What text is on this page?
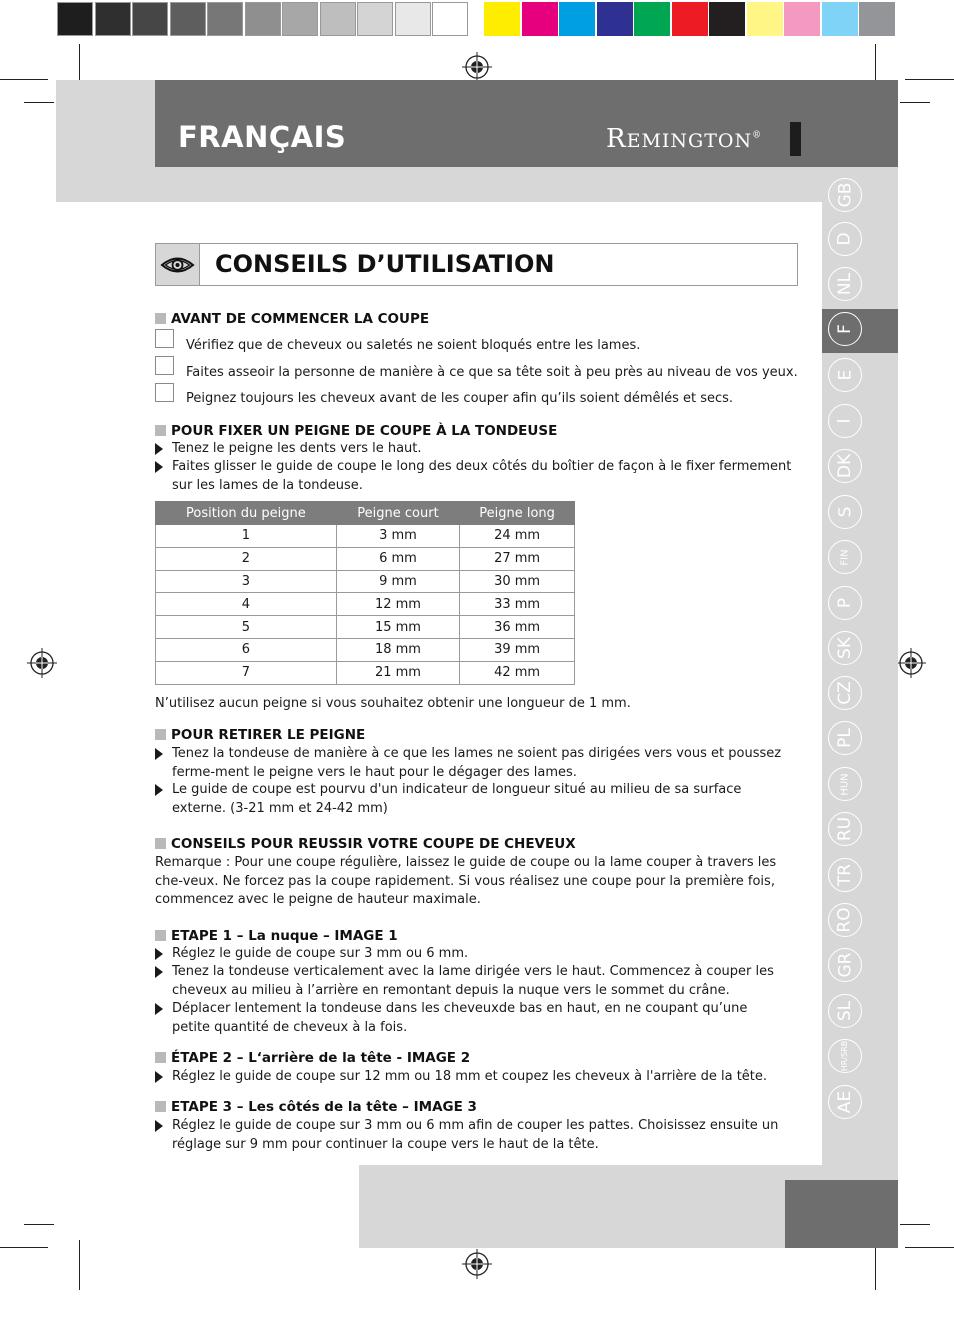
FRANÇAIS	REMINGTON®
GB
D
NL
F
E
I
DK
S
FIN
P
SK
CZ
PL
HUN
RU
TR
RO
GR
SL
HR/SRB
AE
CONSEILS D’UTILISATION
AVANT DE COMMENCER LA COUPE
Vérifiez que de cheveux ou saletés ne soient bloqués entre les lames.
Faites asseoir la personne de manière à ce que sa tête soit à peu près au niveau de vos yeux.
Peignez toujours les cheveux avant de les couper afin qu’ils soient démêlés et secs.
POUR FIXER UN PEIGNE DE COUPE À LA TONDEUSE
Tenez le peigne les dents vers le haut.
Faites glisser le guide de coupe le long des deux côtés du boîtier de façon à le fixer fermement sur les lames de la tondeuse.
Position du peigne	Peigne court	Peigne long
1	3 mm	24 mm
2	6 mm	27 mm
3	9 mm	30 mm
4	12 mm	33 mm
5	15 mm	36 mm
6	18 mm	39 mm
7	21 mm	42 mm
N’utilisez aucun peigne si vous souhaitez obtenir une longueur de 1 mm.
POUR RETIRER LE PEIGNE
Tenez la tondeuse de manière à ce que les lames ne soient pas dirigées vers vous et poussez ferme-ment le peigne vers le haut pour le dégager des lames.
Le guide de coupe est pourvu d'un indicateur de longueur situé au milieu de sa surface externe. (3-21 mm et 24-42 mm)
CONSEILS POUR REUSSIR VOTRE COUPE DE CHEVEUX
Remarque : Pour une coupe régulière, laissez le guide de coupe ou la lame couper à travers les che-veux. Ne forcez pas la coupe rapidement. Si vous réalisez une coupe pour la première fois, commencez avec le peigne de hauteur maximale.
ETAPE 1 – La nuque – IMAGE 1
Réglez le guide de coupe sur 3 mm ou 6 mm.
Tenez la tondeuse verticalement avec la lame dirigée vers le haut. Commencez à couper les cheveux au milieu à l’arrière en remontant depuis la nuque vers le sommet du crâne.
Déplacer lentement la tondeuse dans les cheveuxde bas en haut, en ne coupant qu’une petite quantité de cheveux à la fois.
ÉTAPE 2 – L‘arrière de la tête - IMAGE 2
Réglez le guide de coupe sur 12 mm ou 18 mm et coupez les cheveux à l'arrière de la tête.
ETAPE 3 – Les côtés de la tête – IMAGE 3
Réglez le guide de coupe sur 3 mm ou 6 mm afin de couper les pattes. Choisissez ensuite un réglage sur 9 mm pour continuer la coupe vers le haut de la tête.
